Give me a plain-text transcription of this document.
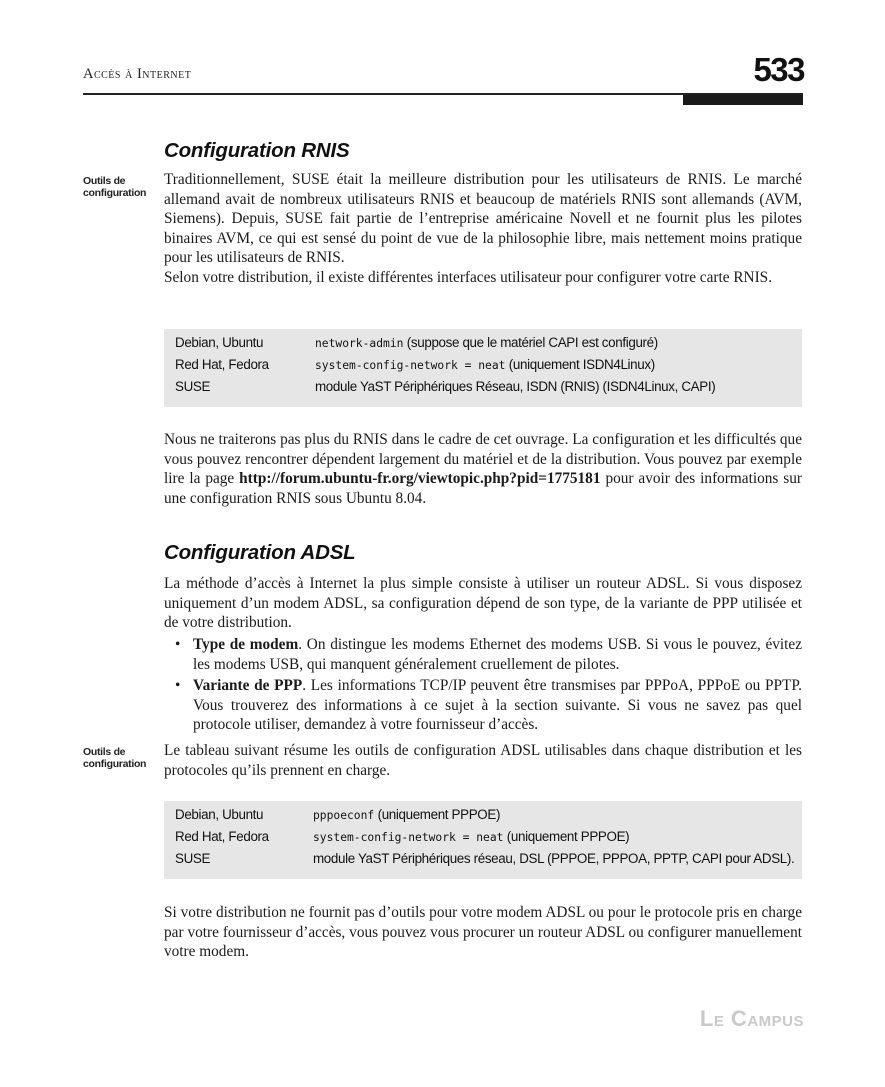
Accès à Internet	533
Configuration RNIS
Outils de configuration

Traditionnellement, SUSE était la meilleure distribution pour les utilisateurs de RNIS. Le marché allemand avait de nombreux utilisateurs RNIS et beaucoup de matériels RNIS sont allemands (AVM, Siemens). Depuis, SUSE fait partie de l’entreprise américaine Novell et ne fournit plus les pilotes binaires AVM, ce qui est sensé du point de vue de la philosophie libre, mais nettement moins pratique pour les utilisateurs de RNIS.

Selon votre distribution, il existe différentes interfaces utilisateur pour configurer votre carte RNIS.

Debian, Ubuntu	network-admin (suppose que le matériel CAPI est configuré)
Red Hat, Fedora	system-config-network = neat (uniquement ISDN4Linux)
SUSE	module YaST Périphériques Réseau, ISDN (RNIS) (ISDN4Linux, CAPI)

Nous ne traiterons pas plus du RNIS dans le cadre de cet ouvrage. La configuration et les difficultés que vous pouvez rencontrer dépendent largement du matériel et de la distribution. Vous pouvez par exemple lire la page http://forum.ubuntu-fr.org/viewtopic.php?pid=1775181 pour avoir des informations sur une configuration RNIS sous Ubuntu 8.04.

Configuration ADSL

La méthode d’accès à Internet la plus simple consiste à utiliser un routeur ADSL. Si vous disposez uniquement d’un modem ADSL, sa configuration dépend de son type, de la variante de PPP utilisée et de votre distribution.

• Type de modem. On distingue les modems Ethernet des modems USB. Si vous le pouvez, évitez les modems USB, qui manquent généralement cruellement de pilotes.
• Variante de PPP. Les informations TCP/IP peuvent être transmises par PPPoA, PPPoE ou PPTP. Vous trouverez des informations à ce sujet à la section suivante. Si vous ne savez pas quel protocole utiliser, demandez à votre fournisseur d’accès.
Outils de configuration

Le tableau suivant résume les outils de configuration ADSL utilisables dans chaque distribution et les protocoles qu’ils prennent en charge.

Debian, Ubuntu	pppoeconf (uniquement PPPOE)
Red Hat, Fedora	system-config-network = neat (uniquement PPPOE)
SUSE	module YaST Périphériques réseau, DSL (PPPOE, PPPOA, PPTP, CAPI pour ADSL).

Si votre distribution ne fournit pas d’outils pour votre modem ADSL ou pour le protocole pris en charge par votre fournisseur d’accès, vous pouvez vous procurer un routeur ADSL ou configurer manuellement votre modem.

Le Campus
